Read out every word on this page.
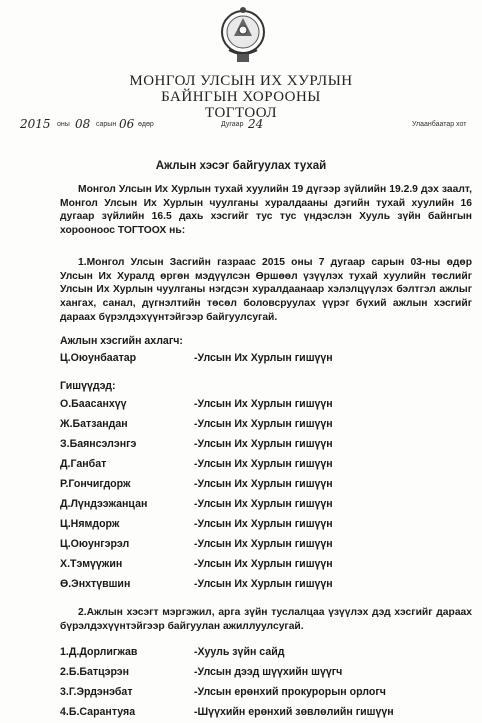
МОНГОЛ УЛСЫН ИХ ХУРЛЫН
БАЙНГЫН ХОРООНЫ
ТОГТООЛ
2015 оны 08 сарын 06 өдөр	Дугаар 24	Улаанбаатар хот
Ажлын хэсэг байгуулах тухай

Монгол Улсын Их Хурлын тухай хуулийн 19 дүгээр зүйлийн 19.2.9 дэх заалт, Монгол Улсын Их Хурлын чуулганы хуралдааны дэгийн тухай хуулийн 16 дугаар зүйлийн 16.5 дахь хэсгийг тус тус үндэслэн Хууль зүйн байнгын хорооноос ТОГТООХ нь:

1.Монгол Улсын Засгийн газраас 2015 оны 7 дугаар сарын 03-ны өдөр Улсын Их Хуралд өргөн мэдүүлсэн Өршөөл үзүүлэх тухай хуулийн төслийг Улсын Их Хурлын чуулганы нэгдсэн хуралдаанаар хэлэлцүүлэх бэлтгэл ажлыг хангах, санал, дүгнэлтийн төсөл боловсруулах үүрэг бүхий ажлын хэсгийг дараах бүрэлдэхүүнтэйгээр байгуулсугай.

Ажлын хэсгийн ахлагч:
Ц.Оюунбаатар	-Улсын Их Хурлын гишүүн
Гишүүдэд:
О.Баасанхүү	-Улсын Их Хурлын гишүүн
Ж.Батзандан	-Улсын Их Хурлын гишүүн
З.Баянсэлэнгэ	-Улсын Их Хурлын гишүүн
Д.Ганбат	-Улсын Их Хурлын гишүүн
Р.Гончигдорж	-Улсын Их Хурлын гишүүн
Д.Лүндээжанцан	-Улсын Их Хурлын гишүүн
Ц.Нямдорж	-Улсын Их Хурлын гишүүн
Ц.Оюунгэрэл	-Улсын Их Хурлын гишүүн
Х.Тэмүүжин	-Улсын Их Хурлын гишүүн
Ө.Энхтүвшин	-Улсын Их Хурлын гишүүн

2.Ажлын хэсэгт мэргэжил, арга зүйн туслалцаа үзүүлэх дэд хэсгийг дараах бүрэлдэхүүнтэйгээр байгуулан ажиллуулсугай.

1.Д.Дорлигжав	-Хууль зүйн сайд
2.Б.Батцэрэн	-Улсын дээд шүүхийн шүүгч
3.Г.Эрдэнэбат	-Улсын ерөнхий прокурорын орлогч
4.Б.Сарантуяа	-Шүүхийн ерөнхий зөвлөлийн гишүүн
